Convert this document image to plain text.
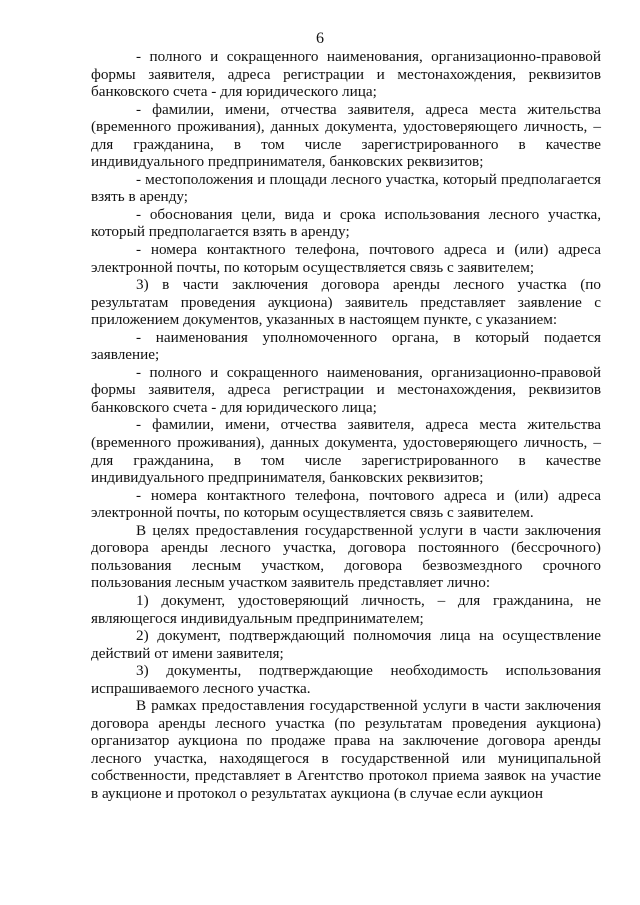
6

- полного и сокращенного наименования, организационно-правовой формы заявителя, адреса регистрации и местонахождения, реквизитов банковского счета - для юридического лица;

- фамилии, имени, отчества заявителя, адреса места жительства (временного проживания), данных документа, удостоверяющего личность, – для гражданина, в том числе зарегистрированного в качестве индивидуального предпринимателя, банковских реквизитов;

- местоположения и площади лесного участка, который предполагается взять в аренду;

- обоснования цели, вида и срока использования лесного участка, который предполагается взять в аренду;

- номера контактного телефона, почтового адреса и (или) адреса электронной почты, по которым осуществляется связь с заявителем;

3) в части заключения договора аренды лесного участка (по результатам проведения аукциона) заявитель представляет заявление с приложением документов, указанных в настоящем пункте, с указанием:

- наименования уполномоченного органа, в который подается заявление;

- полного и сокращенного наименования, организационно-правовой формы заявителя, адреса регистрации и местонахождения, реквизитов банковского счета - для юридического лица;

- фамилии, имени, отчества заявителя, адреса места жительства (временного проживания), данных документа, удостоверяющего личность, – для гражданина, в том числе зарегистрированного в качестве индивидуального предпринимателя, банковских реквизитов;

- номера контактного телефона, почтового адреса и (или) адреса электронной почты, по которым осуществляется связь с заявителем.

В целях предоставления государственной услуги в части заключения договора аренды лесного участка, договора постоянного (бессрочного) пользования лесным участком, договора безвозмездного срочного пользования лесным участком заявитель представляет лично:

1) документ, удостоверяющий личность, – для гражданина, не являющегося индивидуальным предпринимателем;

2) документ, подтверждающий полномочия лица на осуществление действий от имени заявителя;

3) документы, подтверждающие необходимость использования испрашиваемого лесного участка.

В рамках предоставления государственной услуги в части заключения договора аренды лесного участка (по результатам проведения аукциона) организатор аукциона по продаже права на заключение договора аренды лесного участка, находящегося в государственной или муниципальной собственности, представляет в Агентство протокол приема заявок на участие в аукционе и протокол о результатах аукциона (в случае если аукцион
